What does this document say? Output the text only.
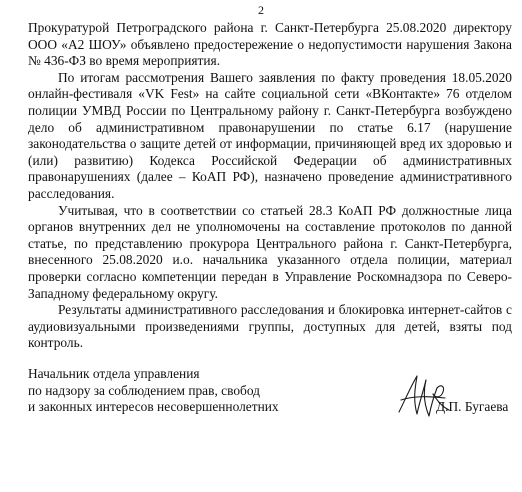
2

Прокуратурой Петроградского района г. Санкт-Петербурга 25.08.2020 директору ООО «А2 ШОУ» объявлено предостережение о недопустимости нарушения Закона № 436-ФЗ во время мероприятия.

По итогам рассмотрения Вашего заявления по факту проведения 18.05.2020 онлайн-фестиваля «VK Fest» на сайте социальной сети «ВКонтакте» 76 отделом полиции УМВД России по Центральному району г. Санкт-Петербурга возбуждено дело об административном правонарушении по статье 6.17 (нарушение законодательства о защите детей от информации, причиняющей вред их здоровью и (или) развитию) Кодекса Российской Федерации об административных правонарушениях (далее – КоАП РФ), назначено проведение административного расследования.

Учитывая, что в соответствии со статьей 28.3 КоАП РФ должностные лица органов внутренних дел не уполномочены на составление протоколов по данной статье, по представлению прокурора Центрального района г. Санкт-Петербурга, внесенного 25.08.2020 и.о. начальника указанного отдела полиции, материал проверки согласно компетенции передан в Управление Роскомнадзора по Северо-Западному федеральному округу.

Результаты административного расследования и блокировка интернет-сайтов с аудиовизуальными произведениями группы, доступных для детей, взяты под контроль.

Начальник отдела управления
по надзору за соблюдением прав, свобод
и законных интересов несовершеннолетних	Д.П. Бугаева
